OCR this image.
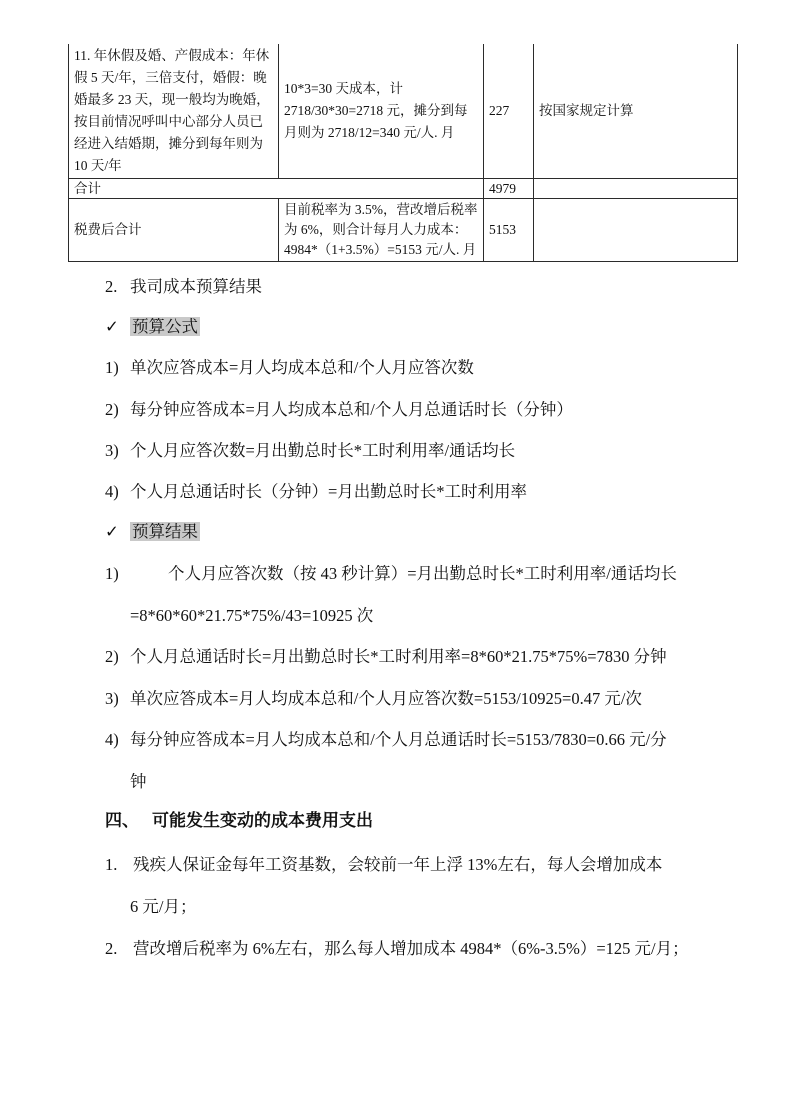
11. 年休假及婚、产假成本：年休假 5 天/年，三倍支付，婚假：晚婚最多 23 天，现一般均为晚婚，按目前情况呼叫中心部分人员已经进入结婚期，摊分到每年则为 10 天/年	10*3=30 天成本，计 2718/30*30=2718 元，摊分到每月则为 2718/12=340 元/人. 月	227	按国家规定计算
合计		4979	
税费后合计	目前税率为 3.5%，营改增后税率为 6%，则合计每月人力成本：4984*（1+3.5%）=5153 元/人. 月	5153	
2. 我司成本预算结果
✓ 预算公式
1) 单次应答成本=月人均成本总和/个人月应答次数
2) 每分钟应答成本=月人均成本总和/个人月总通话时长（分钟）
3) 个人月应答次数=月出勤总时长*工时利用率/通话均长
4) 个人月总通话时长（分钟）=月出勤总时长*工时利用率
✓ 预算结果
1)	个人月应答次数（按 43 秒计算）=月出勤总时长*工时利用率/通话均长
=8*60*60*21.75*75%/43=10925 次
2) 个人月总通话时长=月出勤总时长*工时利用率=8*60*21.75*75%=7830 分钟
3) 单次应答成本=月人均成本总和/个人月应答次数=5153/10925=0.47 元/次
4) 每分钟应答成本=月人均成本总和/个人月总通话时长=5153/7830=0.66 元/分
钟
四、 可能发生变动的成本费用支出
1. 残疾人保证金每年工资基数，会较前一年上浮 13%左右，每人会增加成本
6 元/月；
2. 营改增后税率为 6%左右，那么每人增加成本 4984*（6%-3.5%）=125 元/月；
